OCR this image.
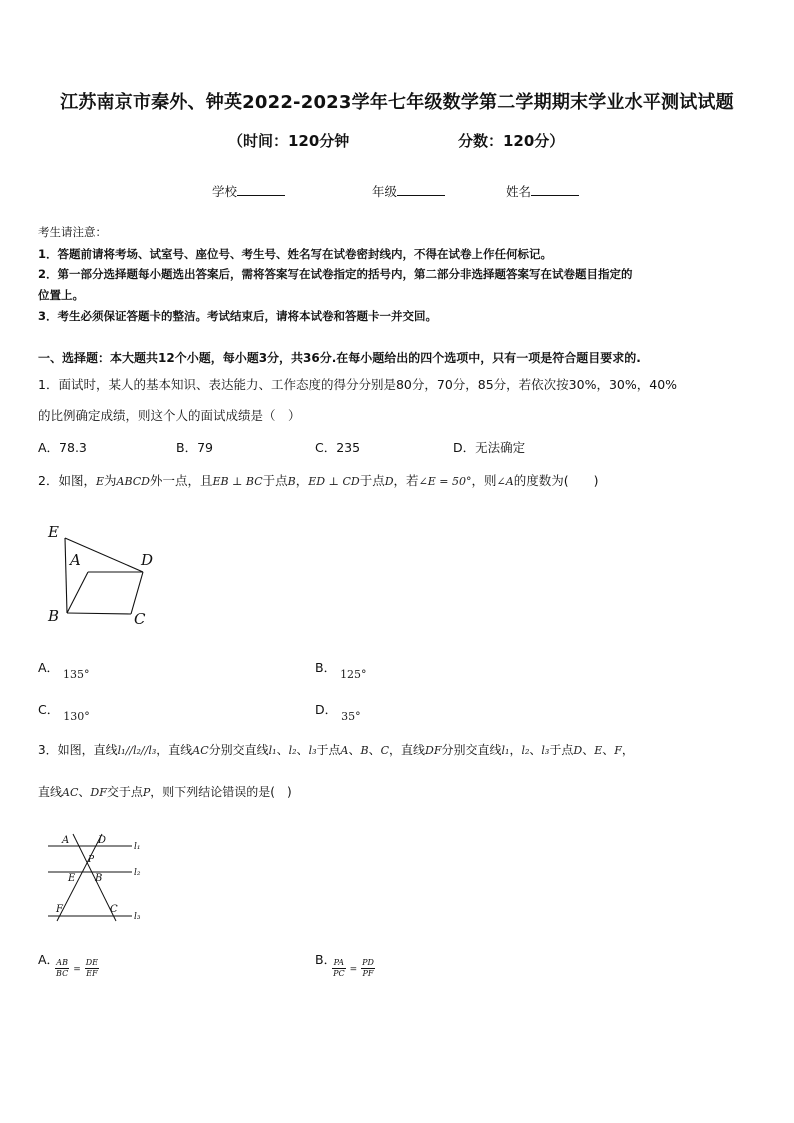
江苏南京市秦外、钟英2022-2023学年七年级数学第二学期期末学业水平测试试题
（时间：120分钟	分数：120分）
学校	年级	姓名
考生请注意：
1．答题前请将考场、试室号、座位号、考生号、姓名写在试卷密封线内，不得在试卷上作任何标记。
2．第一部分选择题每小题选出答案后，需将答案写在试卷指定的括号内，第二部分非选择题答案写在试卷题目指定的
位置上。
3．考生必须保证答题卡的整洁。考试结束后，请将本试卷和答题卡一并交回。
一、选择题：本大题共12个小题，每小题3分，共36分.在每小题给出的四个选项中，只有一项是符合题目要求的.
1．面试时，某人的基本知识、表达能力、工作态度的得分分别是80分，70分，85分，若依次按30%，30%，40%
的比例确定成绩，则这个人的面试成绩是（　）
A．78.3	B．79	C．235	D．无法确定
2．如图，E为ABCD外一点，且EB ⊥ BC于点B，ED ⊥ CD于点D，若∠E = 50°，则∠A的度数为(　　)
E
A	D
B	C
A． 135°	B． 125°
C． 130°	D． 35°
3．如图，直线l₁//l₂//l₃，直线AC分别交直线l₁、l₂、l₃于点A、B、C，直线DF分别交直线l₁，l₂、l₃于点D、E、F，
直线AC、DF交于点P，则下列结论错误的是(　)
A	D
l₁
P
E B	l₂
F	C
l₃
A．
$\frac{AB}{BC} = \frac{DE}{EF}$	B．
$\frac{PA}{PC} = \frac{PD}{PF}$
